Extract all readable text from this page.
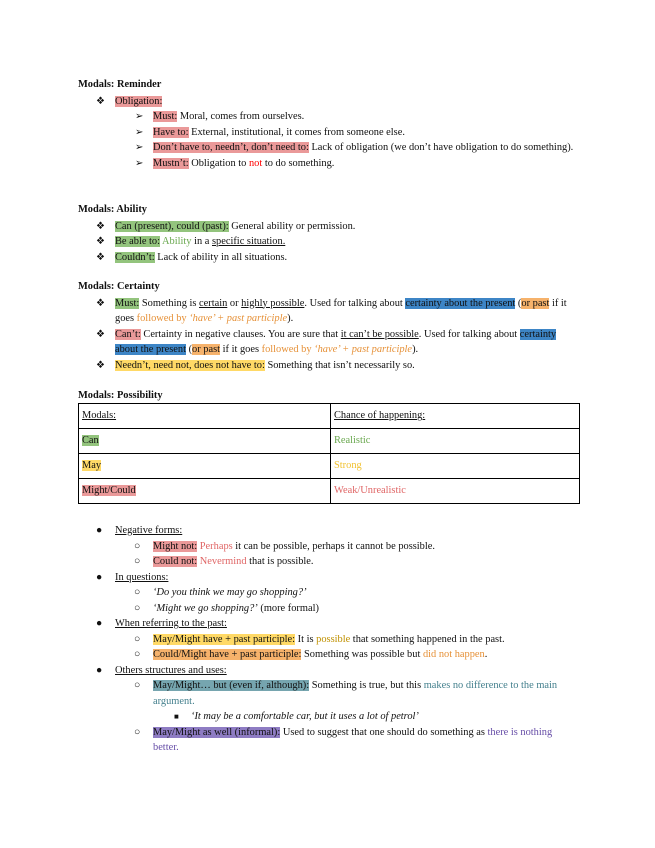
Modals: Reminder
❖ Obligation:
➢ Must: Moral, comes from ourselves.
➢ Have to: External, institutional, it comes from someone else.
➢ Don’t have to, needn’t, don’t need to: Lack of obligation (we don’t have obligation to do something).
➢ Mustn’t: Obligation to not to do something.
Modals: Ability
❖ Can (present), could (past): General ability or permission.
❖ Be able to: Ability in a specific situation.
❖ Couldn’t: Lack of ability in all situations.
Modals: Certainty
❖ Must: Something is certain or highly possible. Used for talking about certainty about the present (or past if it goes followed by ‘have’ + past participle).
❖ Can’t: Certainty in negative clauses. You are sure that it can’t be possible. Used for talking about certainty about the present (or past if it goes followed by ‘have’ + past participle).
❖ Needn’t, need not, does not have to: Something that isn’t necessarily so.
Modals: Possibility
Modals:	Chance of happening:
Can	Realistic
May	Strong
Might/Could	Weak/Unrealistic
● Negative forms:
○ Might not: Perhaps it can be possible, perhaps it cannot be possible.
○ Could not: Nevermind that is possible.
● In questions:
○ ‘Do you think we may go shopping?’
○ ‘Might we go shopping?’ (more formal)
● When referring to the past:
○ May/Might have + past participle: It is possible that something happened in the past.
○ Could/Might have + past participle: Something was possible but did not happen.
● Others structures and uses:
○ May/Might… but (even if, although): Something is true, but this makes no difference to the main argument.
■ ‘It may be a comfortable car, but it uses a lot of petrol’
○ May/Might as well (informal): Used to suggest that one should do something as there is nothing better.
